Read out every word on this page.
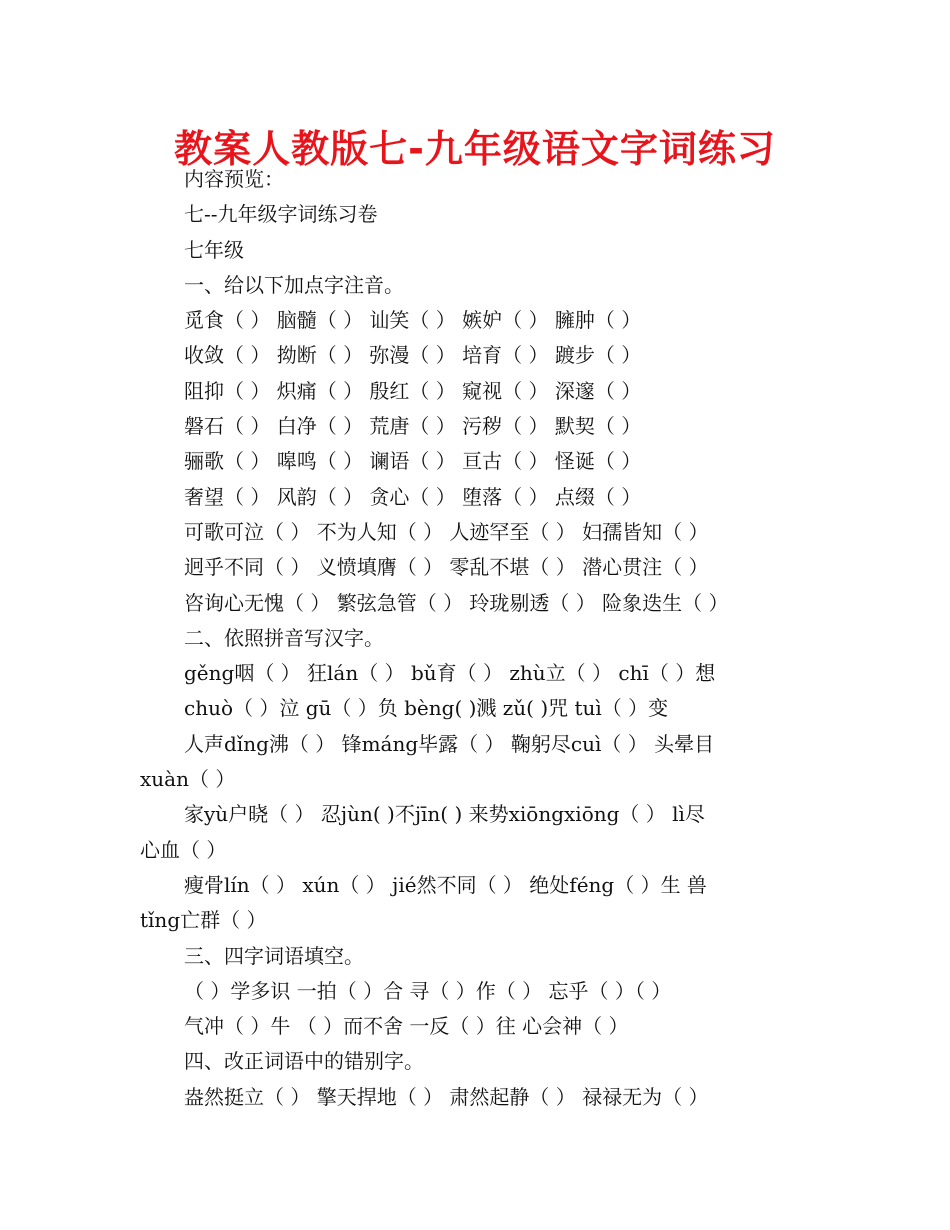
教案人教版七-九年级语文字词练习
内容预览：
七--九年级字词练习卷
七年级
一、给以下加点字注音。
觅食（ ） 脑髓（ ） 讪笑（ ） 嫉妒（ ） 臃肿（ ）
收敛（ ） 拗断（ ） 弥漫（ ） 培育（ ） 踱步（ ）
阻抑（ ） 炽痛（ ） 殷红（ ） 窥视（ ） 深邃（ ）
磐石（ ） 白净（ ） 荒唐（ ） 污秽（ ） 默契（ ）
骊歌（ ） 嗥鸣（ ） 谰语（ ） 亘古（ ） 怪诞（ ）
奢望（ ） 风韵（ ） 贪心（ ） 堕落（ ） 点缀（ ）
可歌可泣（ ） 不为人知（ ） 人迹罕至（ ） 妇孺皆知（ ）
迥乎不同（ ） 义愤填膺（ ） 零乱不堪（ ） 潜心贯注（ ）
咨询心无愧（ ） 繁弦急管（ ） 玲珑剔透（ ） 险象迭生（ ）
二、依照拼音写汉字。
gěng咽（ ） 狂lán（ ） bǔ育（ ） zhù立（ ） chī（ ）想
chuò（ ）泣 gū（ ）负 bèng( )溅 zǔ( )咒 tuì（ ）变
人声dǐng沸（ ） 锋máng毕露（ ） 鞠躬尽cuì（ ） 头晕目
xuàn（ ）
家yù户晓（ ） 忍jùn( )不jīn( ) 来势xiōngxiōng（ ） lì尽
心血（ ）
瘦骨lín（ ） xún（ ） jié然不同（ ） 绝处féng（ ）生 兽
tǐng亡群（ ）
三、四字词语填空。
（ ）学多识 一拍（ ）合 寻（ ）作（ ） 忘乎（ ）（ ）
气冲（ ）牛 （ ）而不舍 一反（ ）往 心会神（ ）
四、改正词语中的错别字。
盎然挺立（ ） 擎天捍地（ ） 肃然起静（ ） 禄禄无为（ ）
